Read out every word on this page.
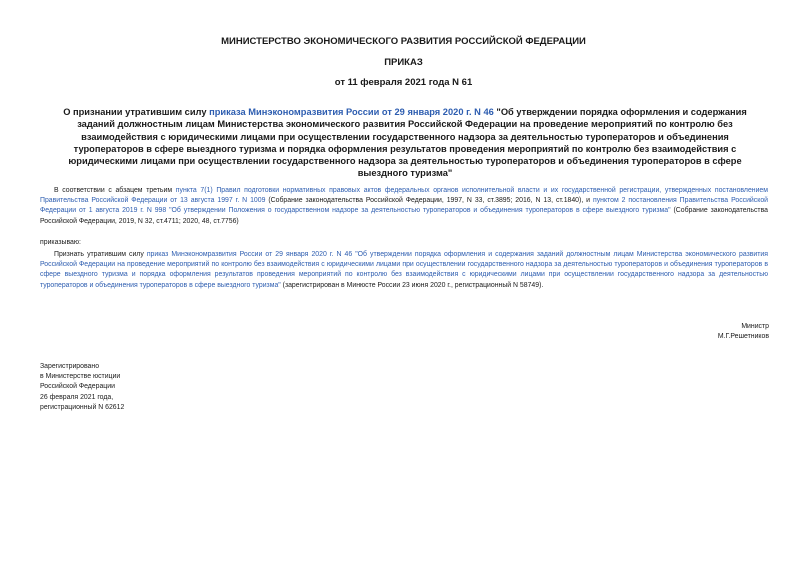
МИНИСТЕРСТВО ЭКОНОМИЧЕСКОГО РАЗВИТИЯ РОССИЙСКОЙ ФЕДЕРАЦИИ
ПРИКАЗ
от 11 февраля 2021 года N 61
О признании утратившим силу приказа Минэкономразвития России от 29 января 2020 г. N 46 "Об утверждении порядка оформления и содержания заданий должностным лицам Министерства экономического развития Российской Федерации на проведение мероприятий по контролю без взаимодействия с юридическими лицами при осуществлении государственного надзора за деятельностью туроператоров и объединения туроператоров в сфере выездного туризма и порядка оформления результатов проведения мероприятий по контролю без взаимодействия с юридическими лицами при осуществлении государственного надзора за деятельностью туроператоров и объединения туроператоров в сфере выездного туризма"
В соответствии с абзацем третьим пункта 7(1) Правил подготовки нормативных правовых актов федеральных органов исполнительной власти и их государственной регистрации, утвержденных постановлением Правительства Российской Федерации от 13 августа 1997 г. N 1009 (Собрание законодательства Российской Федерации, 1997, N 33, ст.3895; 2016, N 13, ст.1840), и пунктом 2 постановления Правительства Российской Федерации от 1 августа 2019 г. N 998 "Об утверждении Положения о государственном надзоре за деятельностью туроператоров и объединения туроператоров в сфере выездного туризма" (Собрание законодательства Российской Федерации, 2019, N 32, ст.4711; 2020, 48, ст.7756)
приказываю:
Признать утратившим силу приказ Минэкономразвития России от 29 января 2020 г. N 46 "Об утверждении порядка оформления и содержания заданий должностным лицам Министерства экономического развития Российской Федерации на проведение мероприятий по контролю без взаимодействия с юридическими лицами при осуществлении государственного надзора за деятельностью туроператоров и объединения туроператоров в сфере выездного туризма и порядка оформления результатов проведения мероприятий по контролю без взаимодействия с юридическими лицами при осуществлении государственного надзора за деятельностью туроператоров и объединения туроператоров в сфере выездного туризма" (зарегистрирован в Минюсте России 23 июня 2020 г., регистрационный N 58749).
Министр
М.Г.Решетников
Зарегистрировано
в Министерстве юстиции
Российской Федерации
26 февраля 2021 года,
регистрационный N 62612
